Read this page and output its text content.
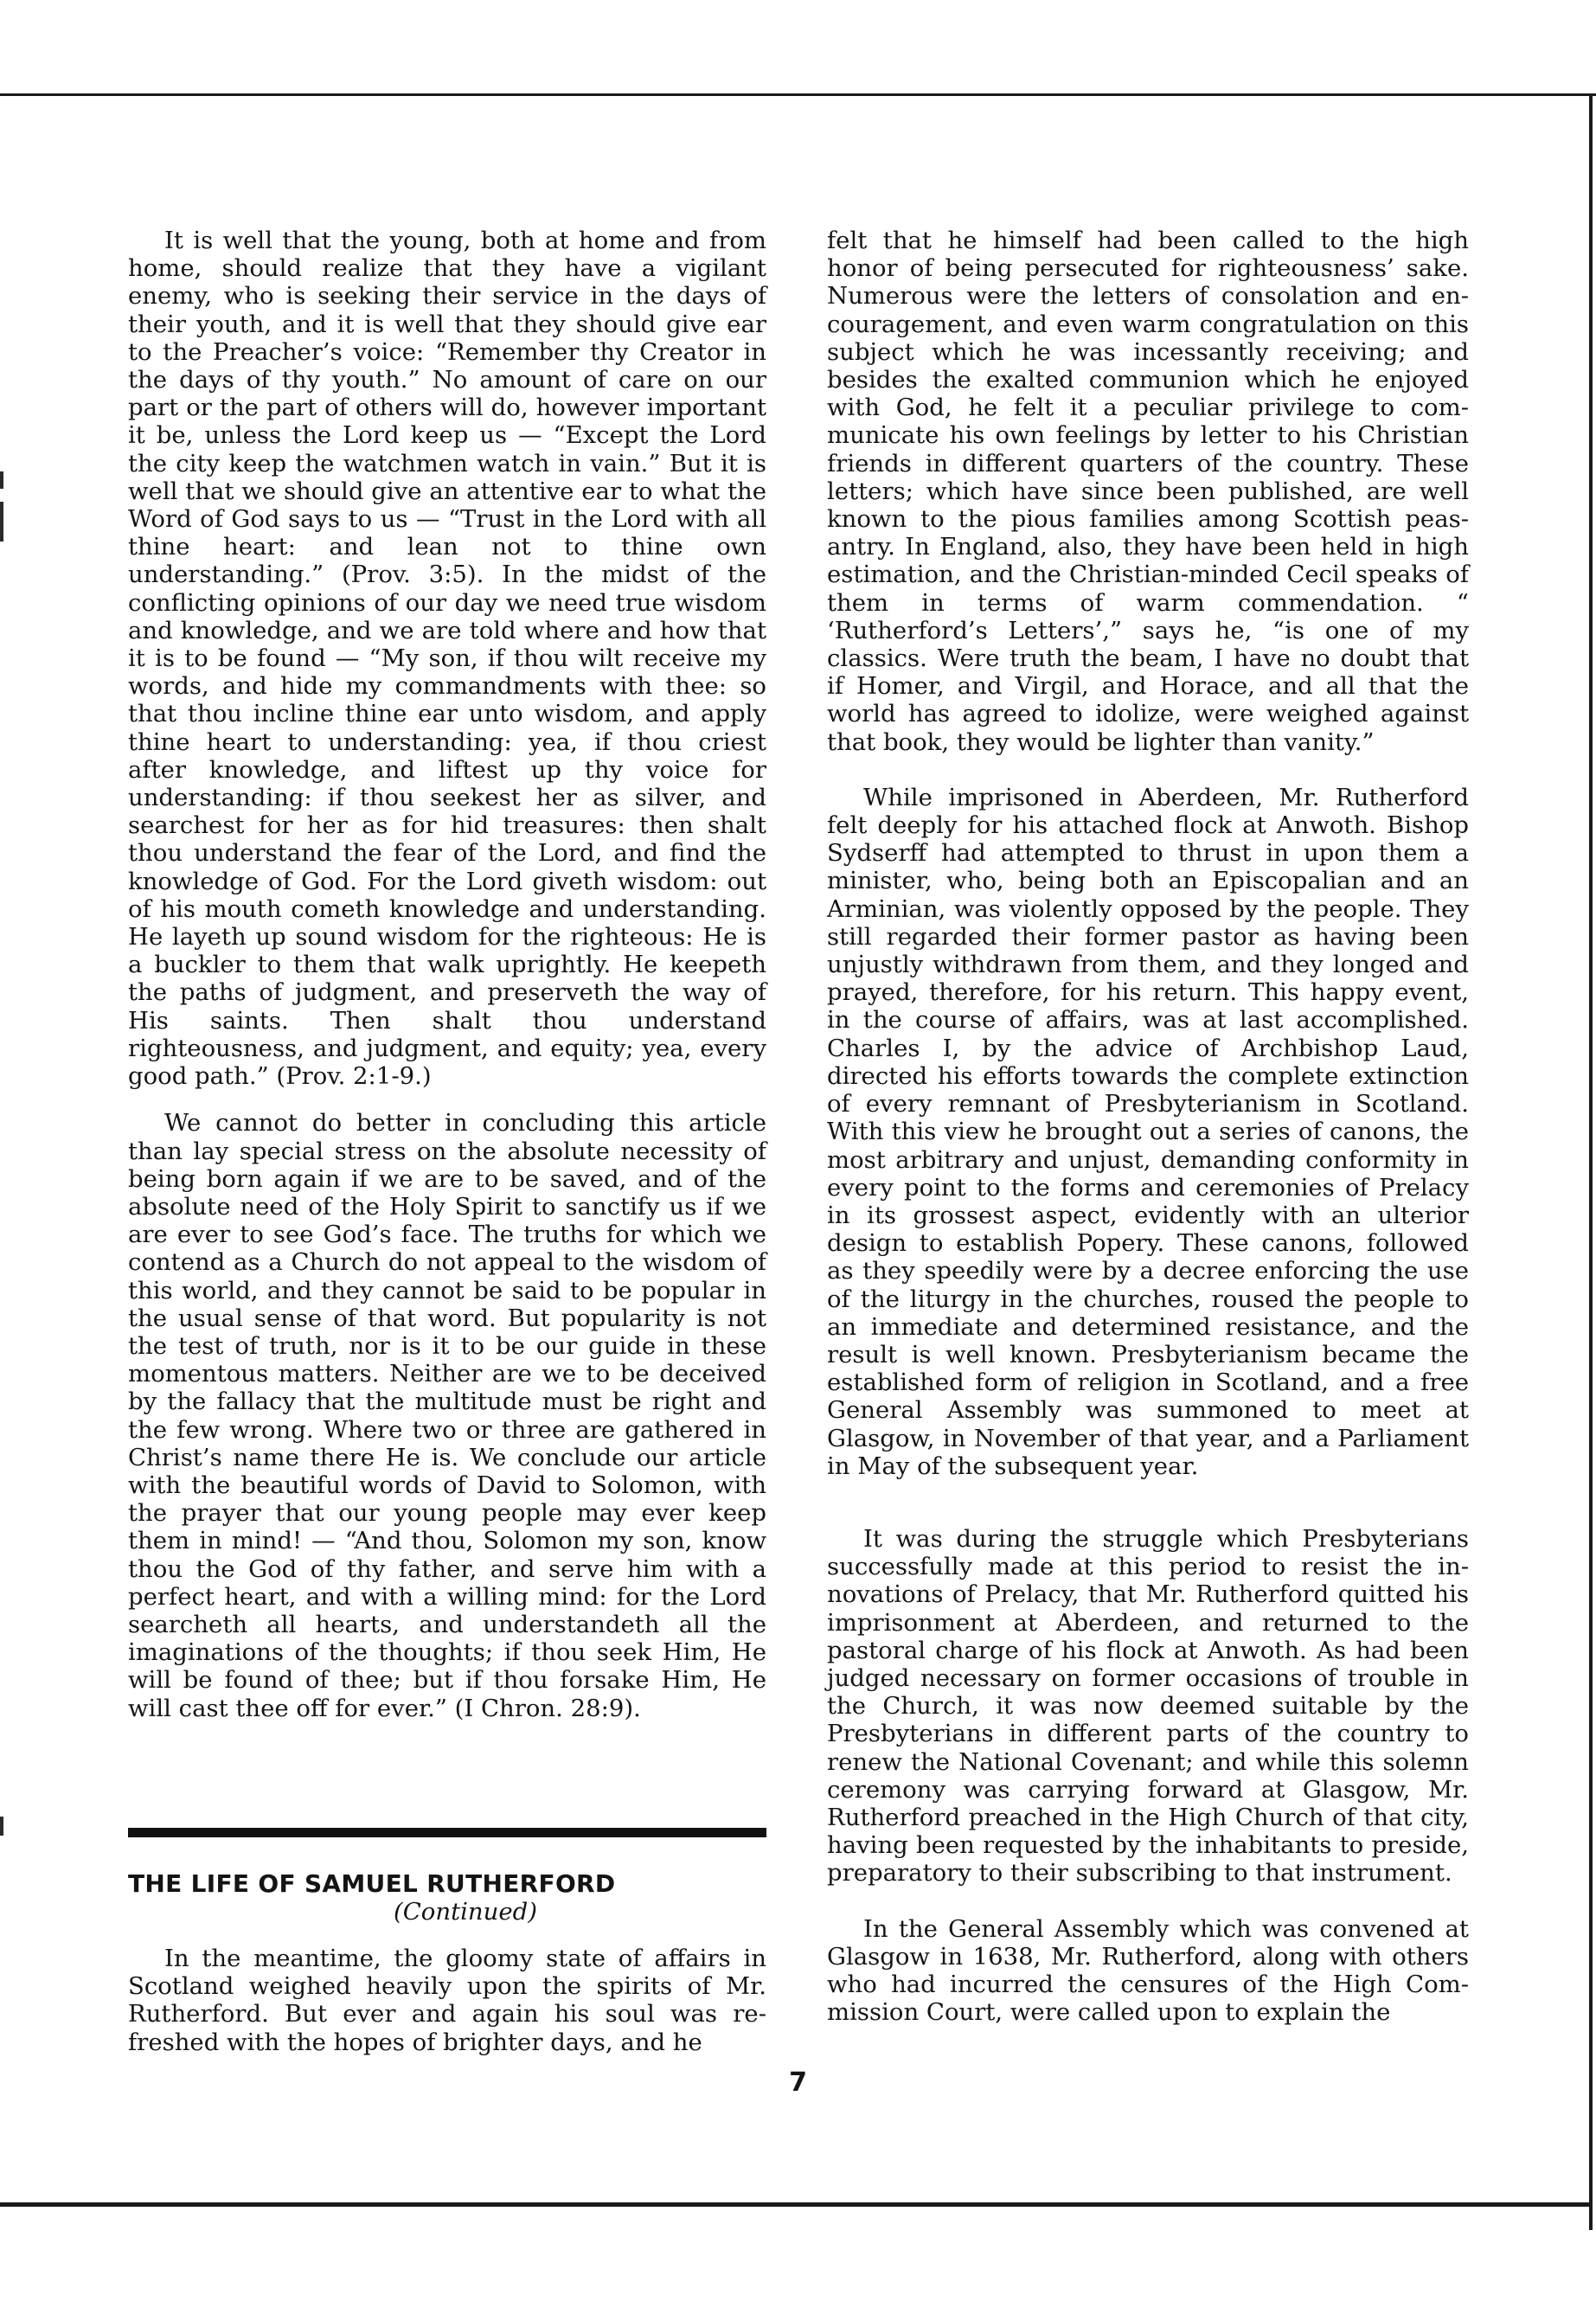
It is well that the young, both at home and from home, should realize that they have a vigilant enemy, who is seeking their service in the days of their youth, and it is well that they should give ear to the Preacher’s voice: “Remember thy Creator in the days of thy youth.” No amount of care on our part or the part of others will do, however important it be, unless the Lord keep us — “Except the Lord the city keep the watchmen watch in vain.” But it is well that we should give an attentive ear to what the Word of God says to us — “Trust in the Lord with all thine heart: and lean not to thine own understanding.” (Prov. 3:5). In the midst of the conflicting opinions of our day we need true wisdom and knowledge, and we are told where and how that it is to be found — “My son, if thou wilt receive my words, and hide my commandments with thee: so that thou incline thine ear unto wisdom, and apply thine heart to understanding: yea, if thou criest after knowledge, and liftest up thy voice for understanding: if thou seekest her as silver, and searchest for her as for hid treasures: then shalt thou understand the fear of the Lord, and find the knowledge of God. For the Lord giveth wisdom: out of his mouth cometh knowledge and understanding. He layeth up sound wisdom for the righteous: He is a buckler to them that walk uprightly. He keepeth the paths of judgment, and preserveth the way of His saints. Then shalt thou understand righteousness, and judgment, and equity; yea, every good path.” (Prov. 2:1-9.)

We cannot do better in concluding this article than lay special stress on the absolute necessity of being born again if we are to be saved, and of the absolute need of the Holy Spirit to sanctify us if we are ever to see God’s face. The truths for which we contend as a Church do not appeal to the wisdom of this world, and they cannot be said to be popular in the usual sense of that word. But popularity is not the test of truth, nor is it to be our guide in these momentous matters. Neither are we to be deceived by the fallacy that the multitude must be right and the few wrong. Where two or three are gathered in Christ’s name there He is. We conclude our article with the beautiful words of David to Solomon, with the prayer that our young people may ever keep them in mind! — “And thou, Solomon my son, know thou the God of thy father, and serve him with a perfect heart, and with a willing mind: for the Lord searcheth all hearts, and understandeth all the imaginations of the thoughts; if thou seek Him, He will be found of thee; but if thou forsake Him, He will cast thee off for ever.” (I Chron. 28:9).

THE LIFE OF SAMUEL RUTHERFORD

(Continued)

In the meantime, the gloomy state of affairs in Scotland weighed heavily upon the spirits of Mr. Rutherford. But ever and again his soul was refreshed with the hopes of brighter days, and he

felt that he himself had been called to the high honor of being persecuted for righteousness’ sake. Numerous were the letters of consolation and encouragement, and even warm congratulation on this subject which he was incessantly receiving; and besides the exalted communion which he enjoyed with God, he felt it a peculiar privilege to communicate his own feelings by letter to his Christian friends in different quarters of the country. These letters; which have since been published, are well known to the pious families among Scottish peasantry. In England, also, they have been held in high estimation, and the Christian-minded Cecil speaks of them in terms of warm commendation. “ ‘Rutherford’s Letters’,” says he, “is one of my classics. Were truth the beam, I have no doubt that if Homer, and Virgil, and Horace, and all that the world has agreed to idolize, were weighed against that book, they would be lighter than vanity.”

While imprisoned in Aberdeen, Mr. Rutherford felt deeply for his attached flock at Anwoth. Bishop Sydserff had attempted to thrust in upon them a minister, who, being both an Episcopalian and an Arminian, was violently opposed by the people. They still regarded their former pastor as having been unjustly withdrawn from them, and they longed and prayed, therefore, for his return. This happy event, in the course of affairs, was at last accomplished. Charles I, by the advice of Archbishop Laud, directed his efforts towards the complete extinction of every remnant of Presbyterianism in Scotland. With this view he brought out a series of canons, the most arbitrary and unjust, demanding conformity in every point to the forms and ceremonies of Prelacy in its grossest aspect, evidently with an ulterior design to establish Popery. These canons, followed as they speedily were by a decree enforcing the use of the liturgy in the churches, roused the people to an immediate and determined resistance, and the result is well known. Presbyterianism became the established form of religion in Scotland, and a free General Assembly was summoned to meet at Glasgow, in November of that year, and a Parliament in May of the subsequent year.

It was during the struggle which Presbyterians successfully made at this period to resist the innovations of Prelacy, that Mr. Rutherford quitted his imprisonment at Aberdeen, and returned to the pastoral charge of his flock at Anwoth. As had been judged necessary on former occasions of trouble in the Church, it was now deemed suitable by the Presbyterians in different parts of the country to renew the National Covenant; and while this solemn ceremony was carrying forward at Glasgow, Mr. Rutherford preached in the High Church of that city, having been requested by the inhabitants to preside, preparatory to their subscribing to that instrument.

In the General Assembly which was convened at Glasgow in 1638, Mr. Rutherford, along with others who had incurred the censures of the High Commission Court, were called upon to explain the

7
